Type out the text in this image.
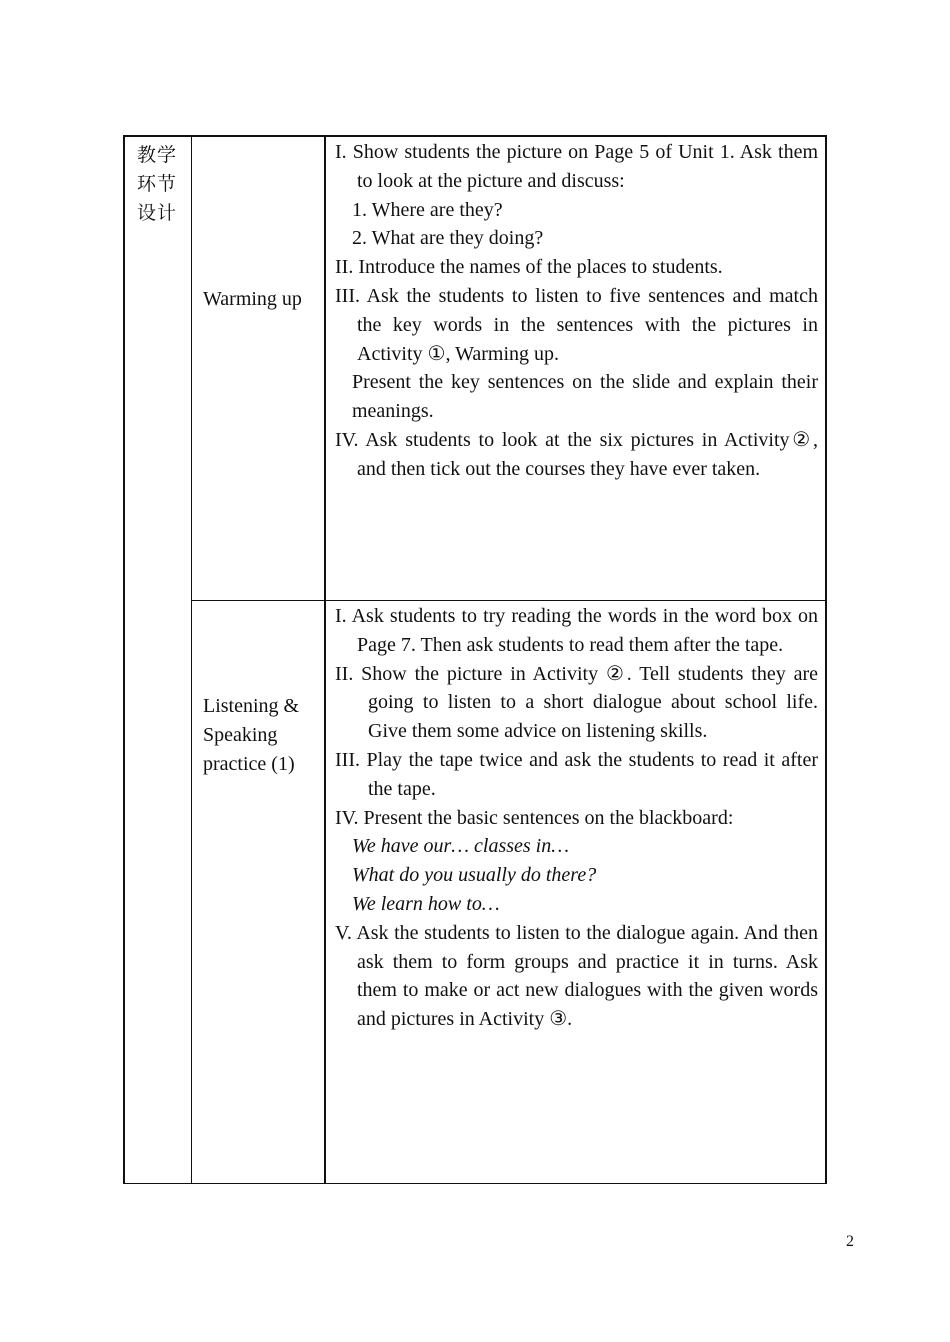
教学环节设计
Warming up

I. Show students the picture on Page 5 of Unit 1. Ask them to look at the picture and discuss:

1. Where are they?

2. What are they doing?

II. Introduce the names of the places to students.

III. Ask the students to listen to five sentences and match the key words in the sentences with the pictures in Activity ①, Warming up.

Present the key sentences on the slide and explain their meanings.

IV. Ask students to look at the six pictures in Activity②, and then tick out the courses they have ever taken.

Listening & Speaking practice (1)

I. Ask students to try reading the words in the word box on Page 7. Then ask students to read them after the tape.

II. Show the picture in Activity ②. Tell students they are going to listen to a short dialogue about school life. Give them some advice on listening skills.

III. Play the tape twice and ask the students to read it after the tape.

IV. Present the basic sentences on the blackboard:

We have our… classes in…

What do you usually do there?

We learn how to…

V. Ask the students to listen to the dialogue again. And then ask them to form groups and practice it in turns. Ask them to make or act new dialogues with the given words and pictures in Activity ③.

2
